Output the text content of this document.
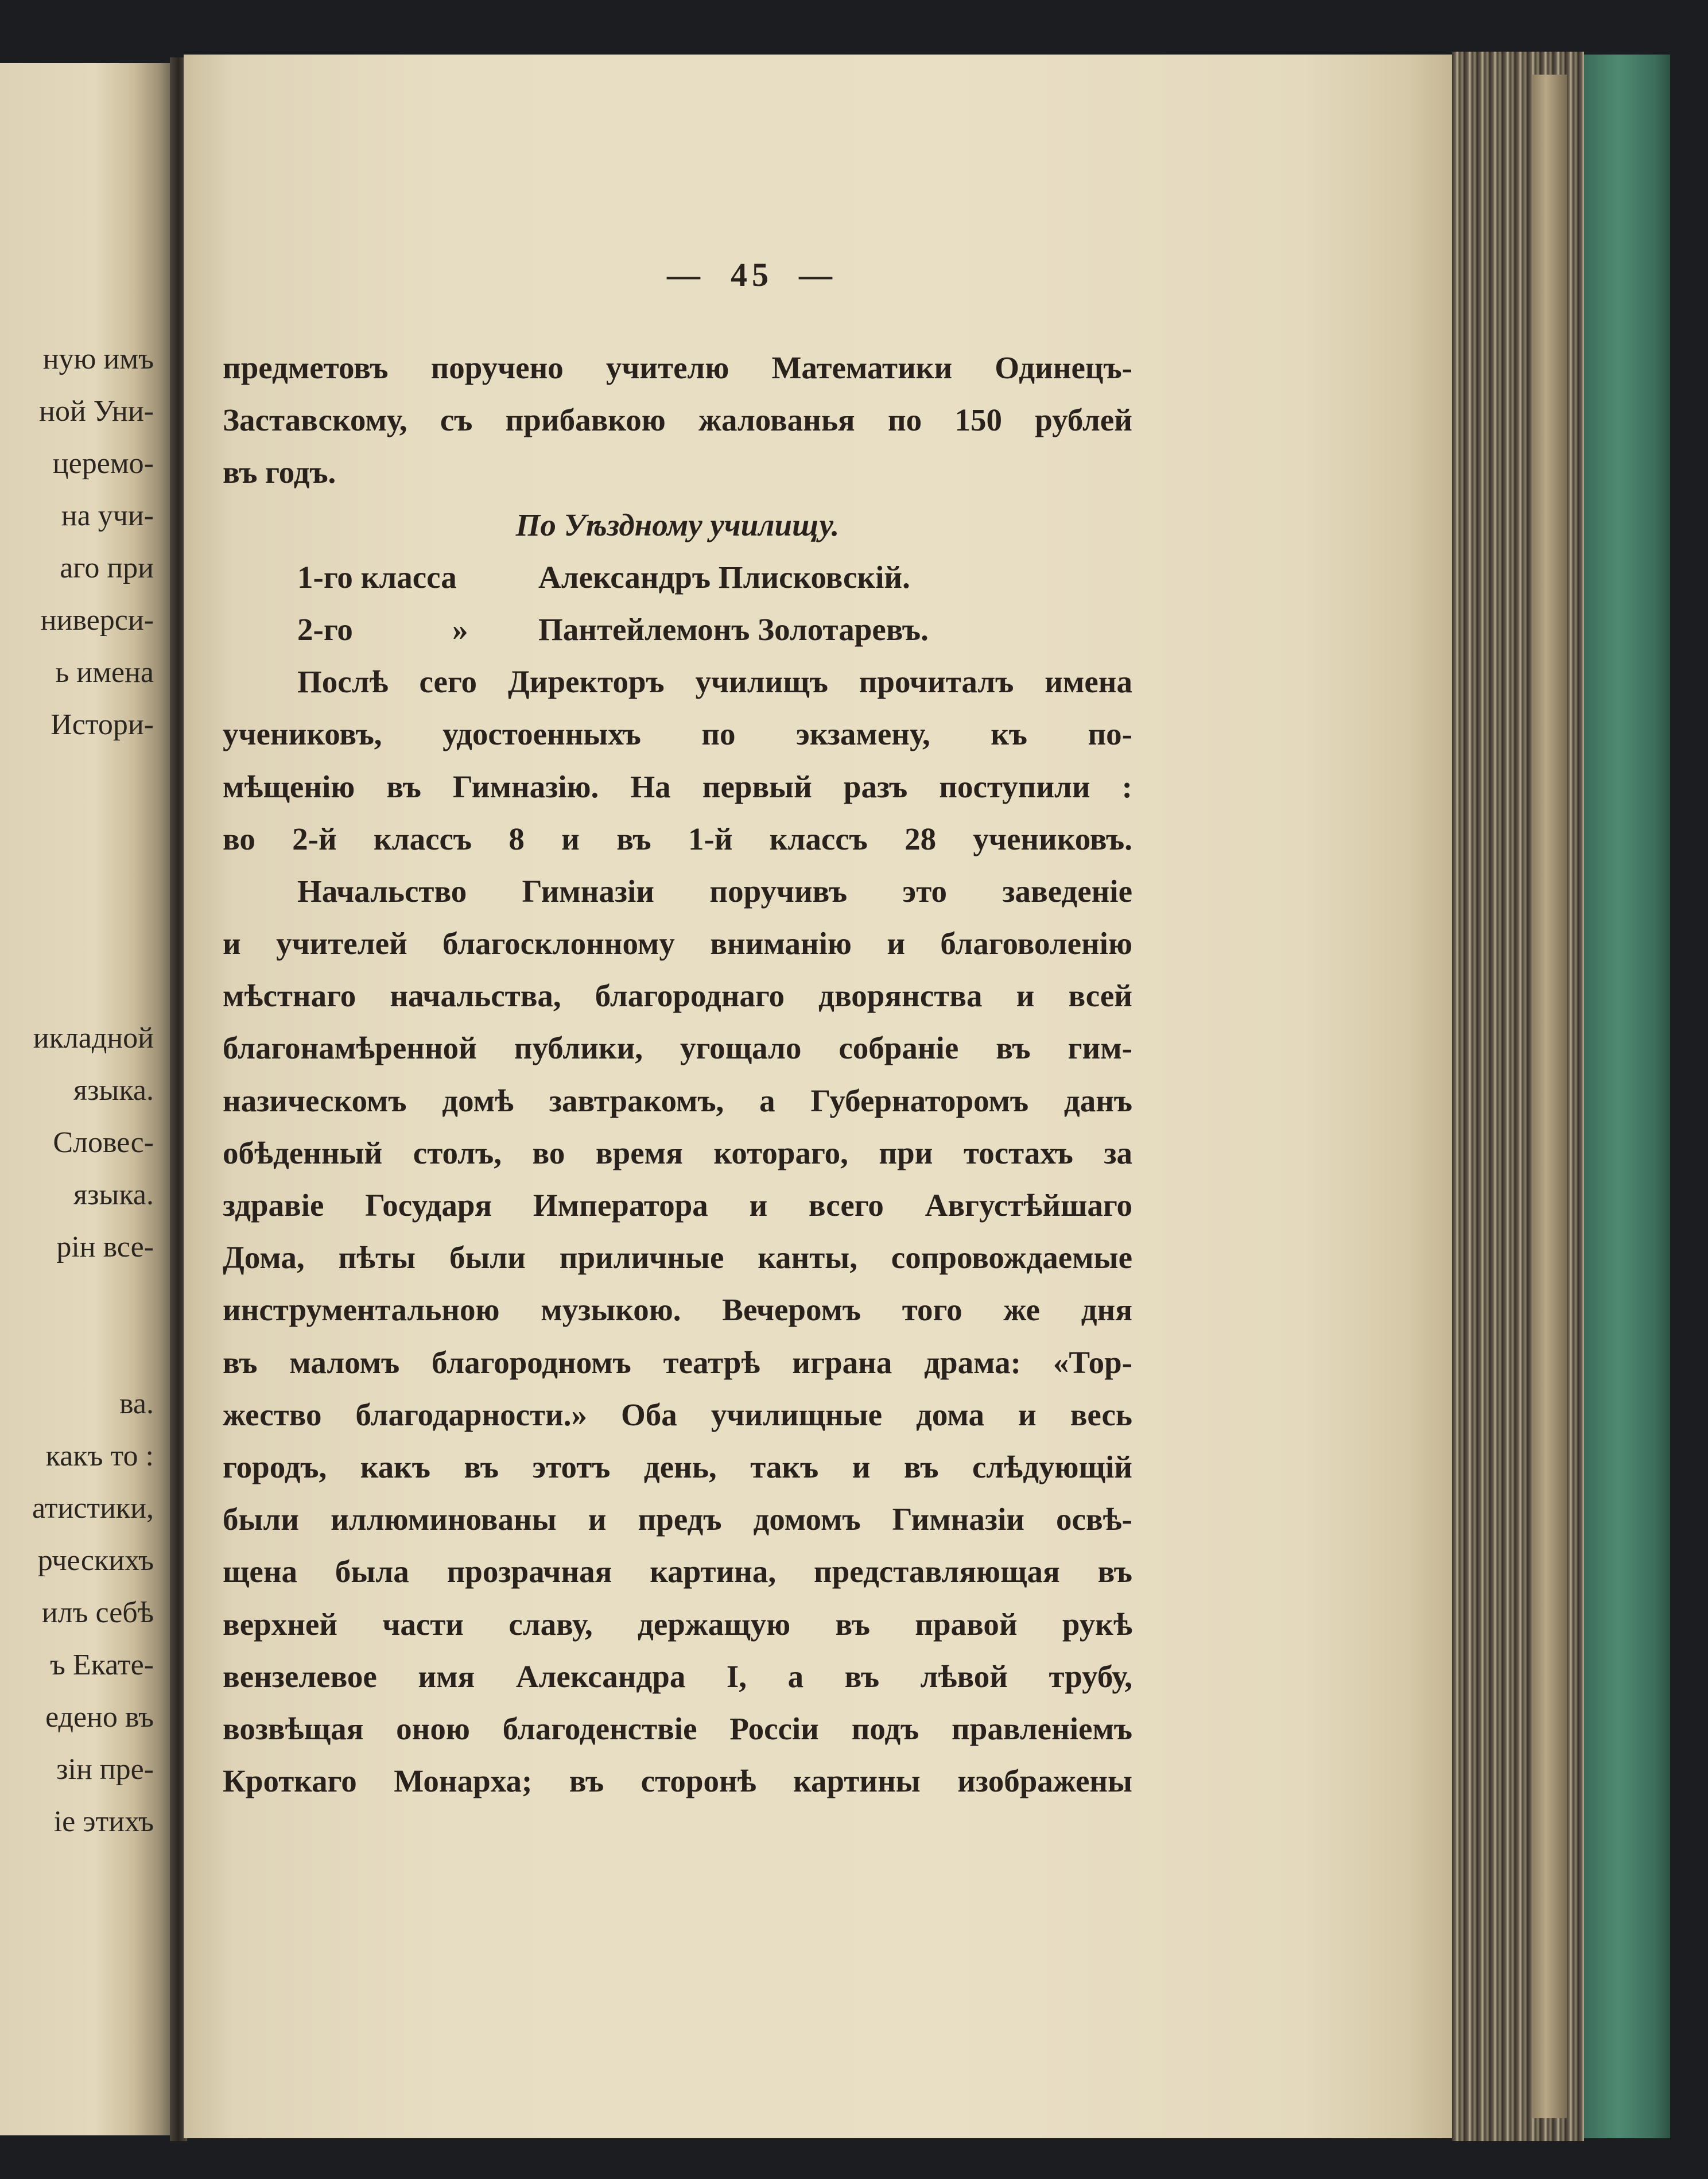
ную имъ
ной Уни-
церемо-
на учи-
аго при
ниверси-
ь имена
Истори-
икладной
языка.
Словес-
языка.
рін все-
ва.
какъ то :
атистики,
рческихъ
илъ себѣ
ъ Екате-
едено въ
зін пре-
іе этихъ
—  45  —
предметовъ поручено учителю Математики Одинецъ-
Заставскому, съ прибавкою жалованья по 150 рублей
въ годъ.
По Уѣздному училищу.
1-го класса	Александръ Плисковскій.
2-го	» Пантейлемонъ Золотаревъ.
Послѣ сего Директоръ училищъ прочиталъ имена
учениковъ, удостоенныхъ по экзамену, къ по-
мѣщенію въ Гимназію. На первый разъ поступили :
во 2-й классъ 8 и въ 1-й классъ 28 учениковъ.
Начальство Гимназіи поручивъ это заведеніе
и учителей благосклонному вниманію и благоволенію
мѣстнаго начальства, благороднаго дворянства и всей
благонамѣренной публики, угощало собраніе въ гим-
назическомъ домѣ завтракомъ, а Губернаторомъ данъ
обѣденный столъ, во время котораго, при тостахъ за
здравіе Государя Императора и всего Августѣйшаго
Дома, пѣты были приличные канты, сопровождаемые
инструментальною музыкою. Вечеромъ того же дня
въ маломъ благородномъ театрѣ играна драма: «Тор-
жество благодарности.» Оба училищные дома и весь
городъ, какъ въ этотъ день, такъ и въ слѣдующій
были иллюминованы и предъ домомъ Гимназіи освѣ-
щена была прозрачная картина, представляющая въ
верхней части славу, держащую въ правой рукѣ
вензелевое имя Александра I, а въ лѣвой трубу,
возвѣщая оною благоденствіе Россіи подъ правленіемъ
Кроткаго Монарха; въ сторонѣ картины изображены
